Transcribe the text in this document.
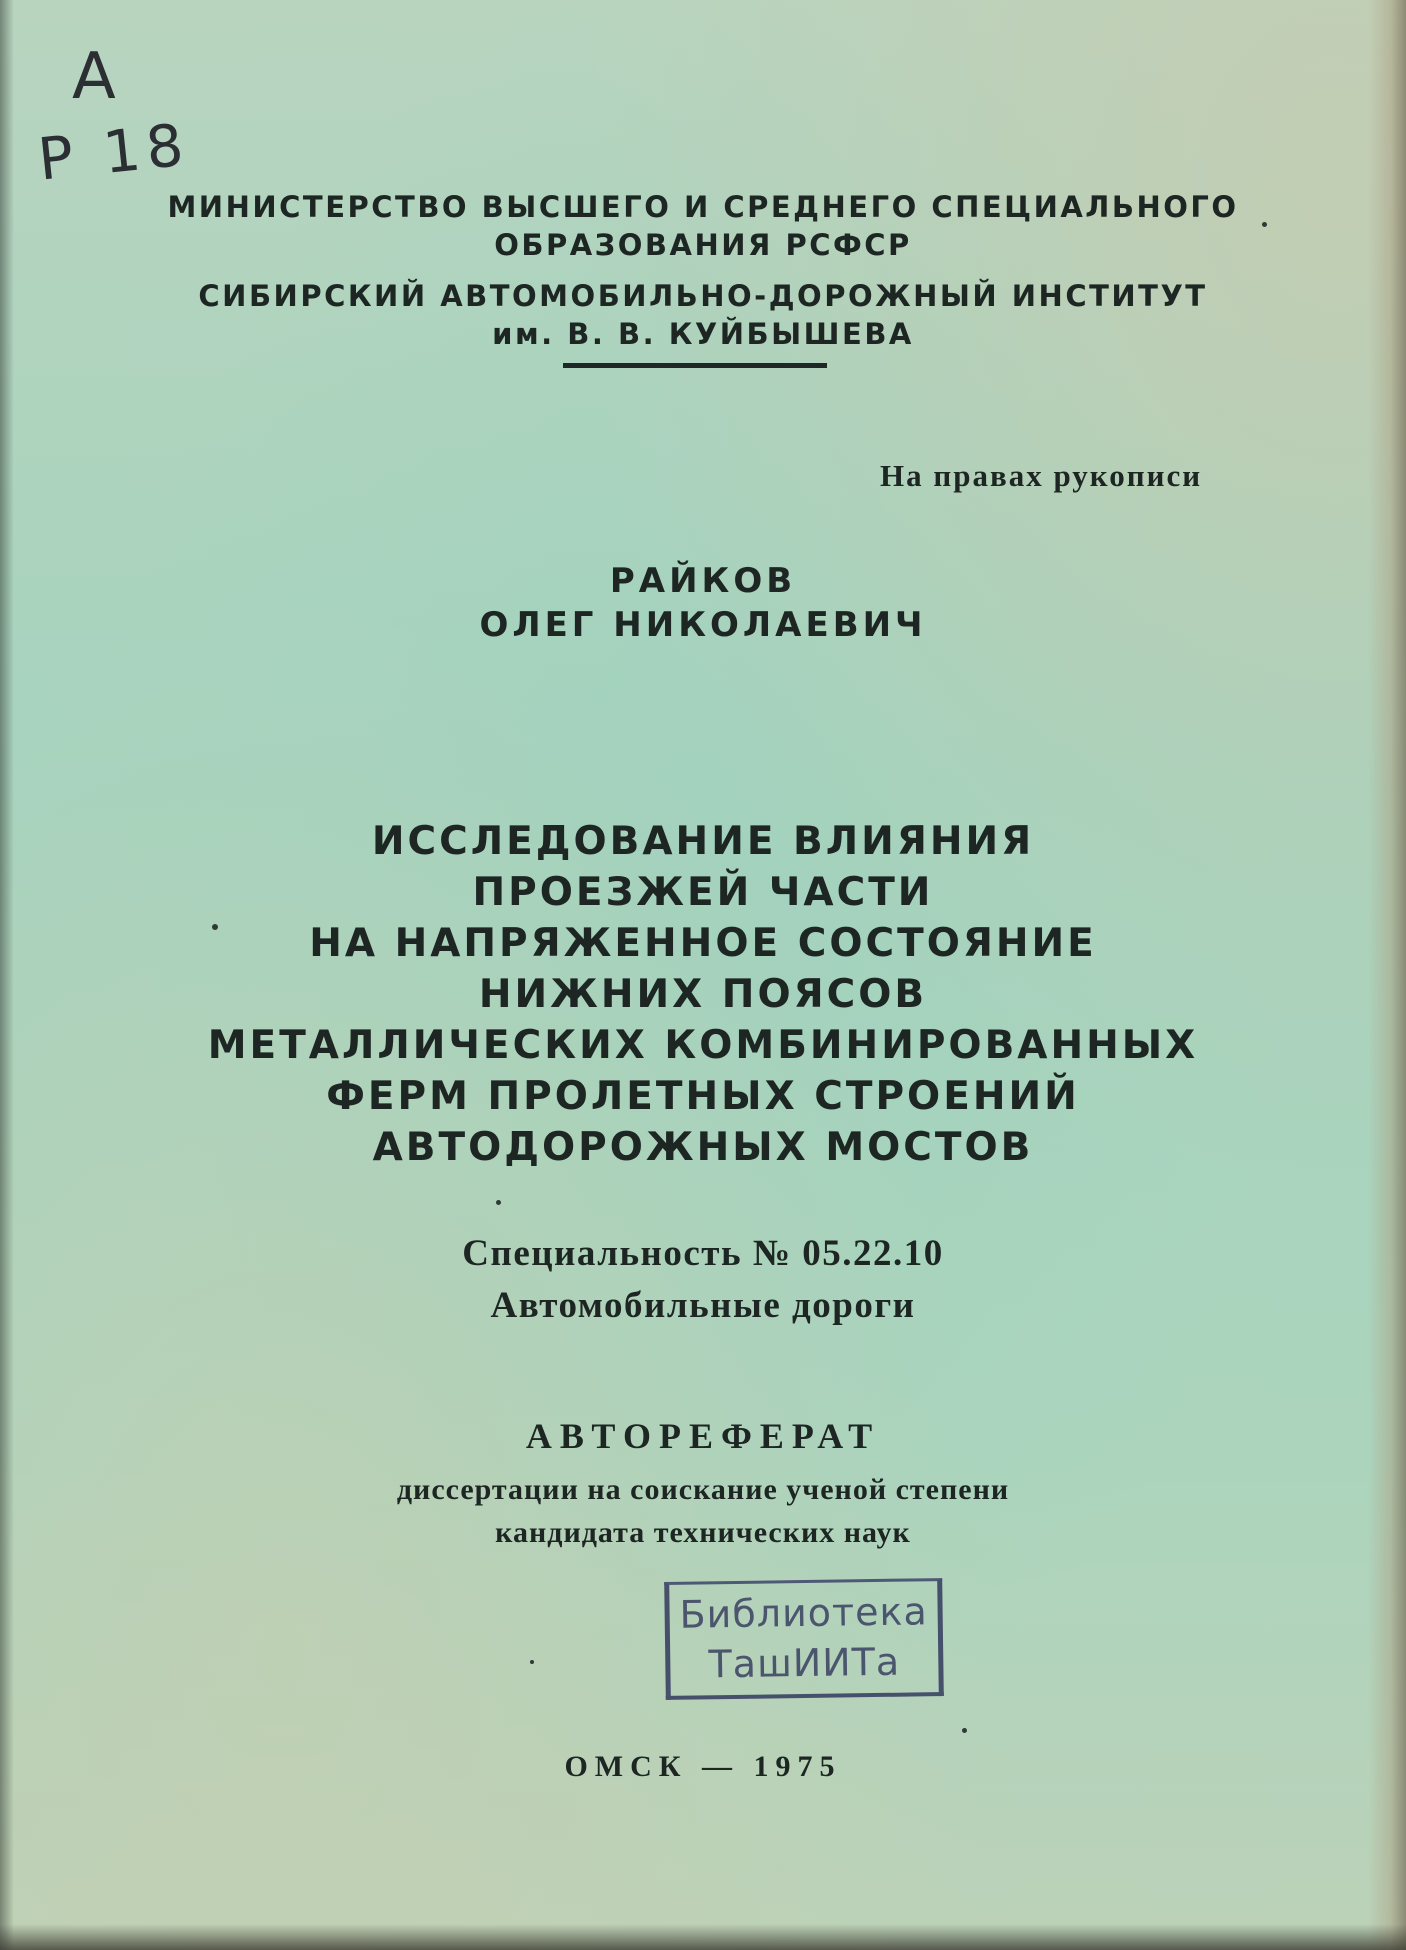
A
P 18
МИНИСТЕРСТВО ВЫСШЕГО И СРЕДНЕГО СПЕЦИАЛЬНОГО
ОБРАЗОВАНИЯ РСФСР
СИБИРСКИЙ АВТОМОБИЛЬНО-ДОРОЖНЫЙ ИНСТИТУТ
им. В. В. КУЙБЫШЕВА
На правах рукописи
РАЙКОВ
ОЛЕГ НИКОЛАЕВИЧ
ИССЛЕДОВАНИЕ ВЛИЯНИЯ
ПРОЕЗЖЕЙ ЧАСТИ
НА НАПРЯЖЕННОЕ СОСТОЯНИЕ
НИЖНИХ ПОЯСОВ
МЕТАЛЛИЧЕСКИХ КОМБИНИРОВАННЫХ
ФЕРМ ПРОЛЕТНЫХ СТРОЕНИЙ
АВТОДОРОЖНЫХ МОСТОВ
Специальность № 05.22.10
Автомобильные дороги
АВТОРЕФЕРАТ
диссертации на соискание ученой степени
кандидата технических наук
Библиотека
ТашИИТа
ОМСК — 1975
